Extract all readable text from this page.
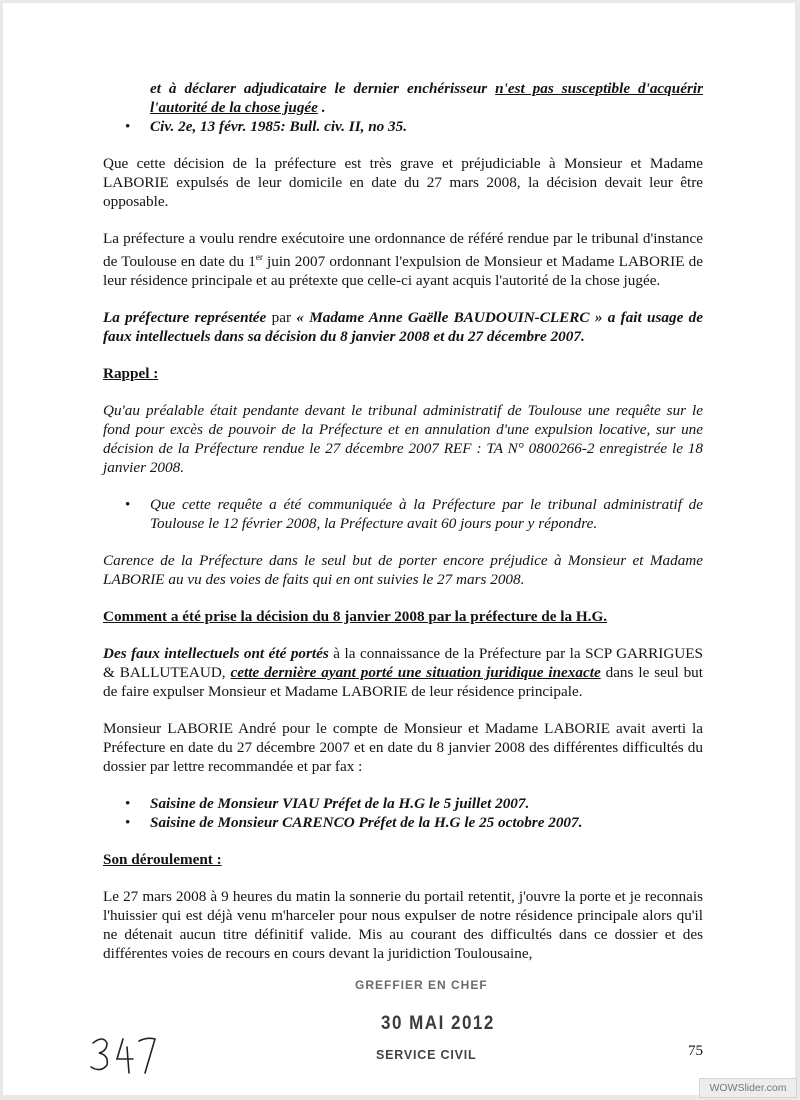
et à déclarer adjudicataire le dernier enchérisseur n'est pas susceptible d'acquérir l'autorité de la chose jugée .

• Civ. 2e, 13 févr. 1985: Bull. civ. II, no 35.

Que cette décision de la préfecture est très grave et préjudiciable à Monsieur et Madame LABORIE expulsés de leur domicile en date du 27 mars 2008, la décision devait leur être opposable.

La préfecture a voulu rendre exécutoire une ordonnance de référé rendue par le tribunal d'instance de Toulouse en date du 1er juin 2007 ordonnant l'expulsion de Monsieur et Madame LABORIE de leur résidence principale et au prétexte que celle-ci ayant acquis l'autorité de la chose jugée.

La préfecture représentée par « Madame Anne Gaëlle BAUDOUIN-CLERC » a fait usage de faux intellectuels dans sa décision du 8 janvier 2008 et du 27 décembre 2007.

Rappel :

Qu'au préalable était pendante devant le tribunal administratif de Toulouse une requête sur le fond pour excès de pouvoir de la Préfecture et en annulation d'une expulsion locative, sur une décision de la Préfecture rendue le 27 décembre 2007 REF : TA N° 0800266-2 enregistrée le 18 janvier 2008.

• Que cette requête a été communiquée à la Préfecture par le tribunal administratif de Toulouse le 12 février 2008, la Préfecture avait 60 jours pour y répondre.

Carence de la Préfecture dans le seul but de porter encore préjudice à Monsieur et Madame LABORIE au vu des voies de faits qui en ont suivies le 27 mars 2008.

Comment a été prise la décision du 8 janvier 2008 par la préfecture de la H.G.

Des faux intellectuels ont été portés à la connaissance de la Préfecture par la SCP GARRIGUES & BALLUTEAUD, cette dernière ayant porté une situation juridique inexacte dans le seul but de faire expulser Monsieur et Madame LABORIE de leur résidence principale.

Monsieur LABORIE André pour le compte de Monsieur et Madame LABORIE avait averti la Préfecture en date du 27 décembre 2007 et en date du 8 janvier 2008 des différentes difficultés du dossier par lettre recommandée et par fax :

• Saisine de Monsieur VIAU Préfet de la H.G le 5 juillet 2007.

• Saisine de Monsieur CARENCO Préfet de la H.G le 25 octobre 2007.

Son déroulement :

Le 27 mars 2008 à 9 heures du matin la sonnerie du portail retentit, j'ouvre la porte et je reconnais l'huissier qui est déjà venu m'harceler pour nous expulser de notre résidence principale alors qu'il ne détenait aucun titre définitif valide. Mis au courant des difficultés dans ce dossier et des différentes voies de recours en cours devant la juridiction Toulousaine,

GREFFIER EN CHEF
30 MAI 2012
SERVICE CIVIL	75
WOWSlider.com
